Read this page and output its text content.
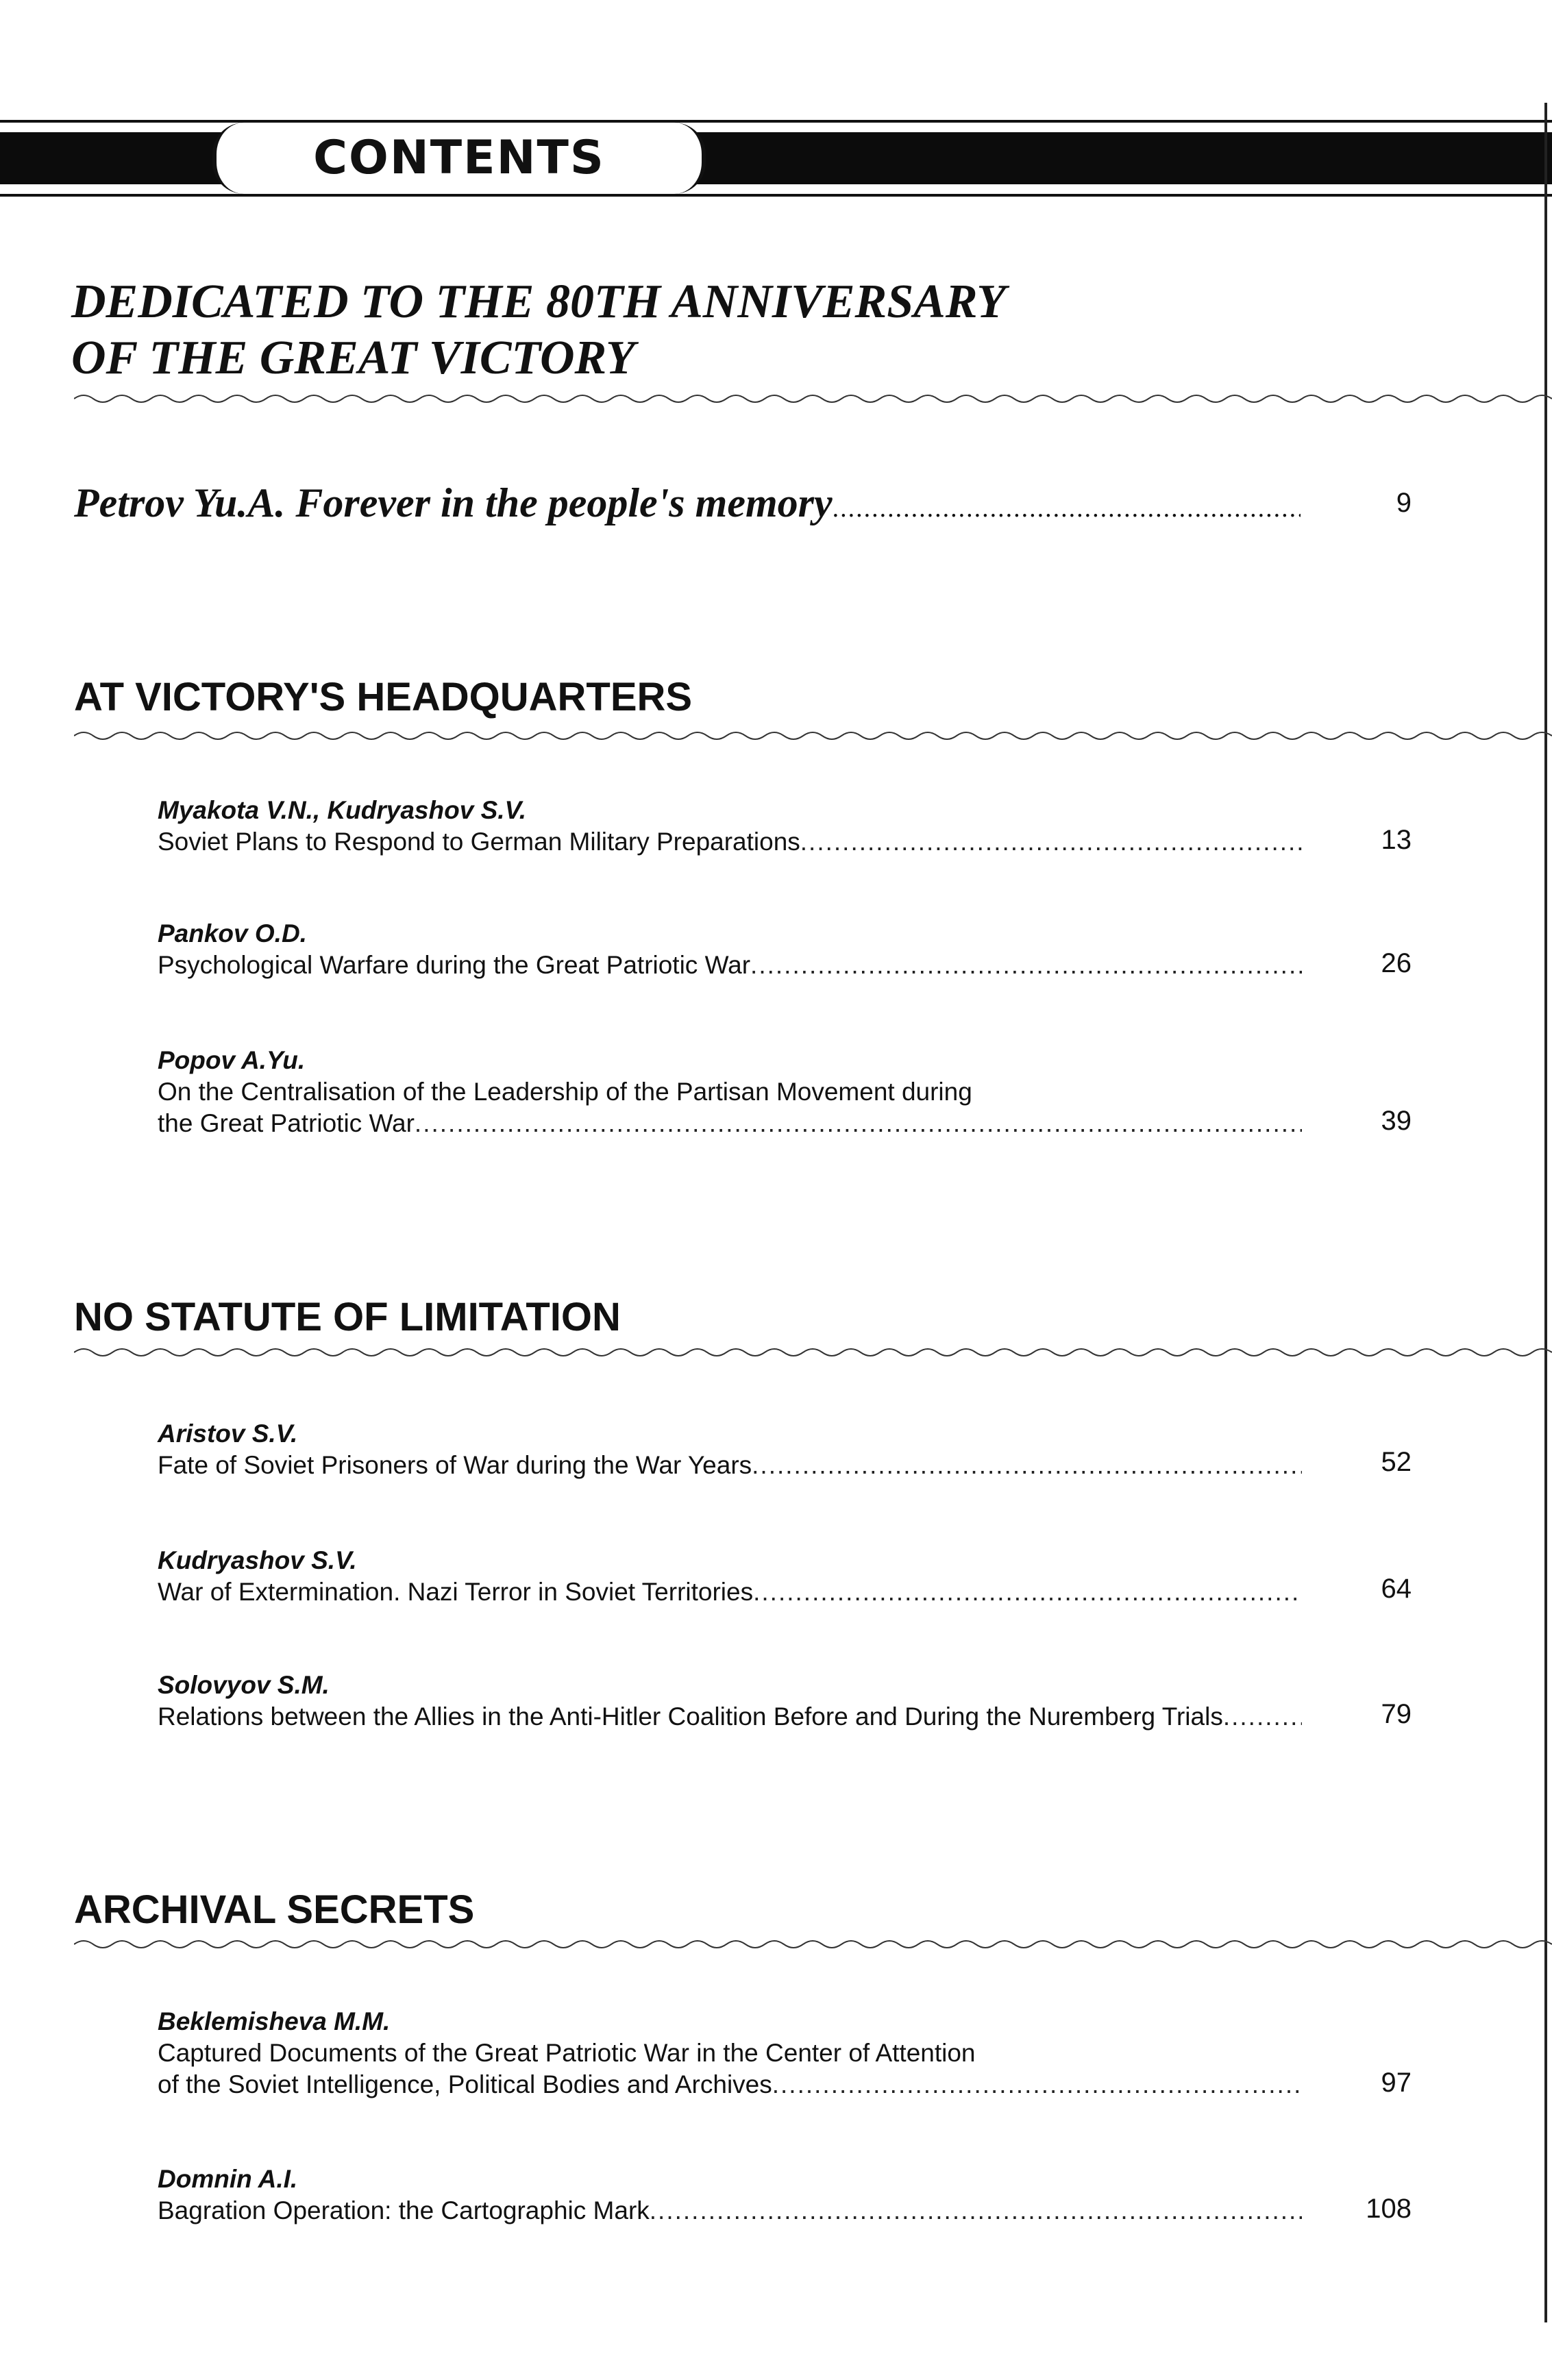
CONTENTS
DEDICATED TO THE 80TH ANNIVERSARY
OF THE GREAT VICTORY
Petrov Yu.A. Forever in the people's memory .....	9
AT VICTORY'S HEADQUARTERS
Myakota V.N., Kudryashov S.V.
Soviet Plans to Respond to German Military Preparations .....	13
Pankov O.D.
Psychological Warfare during the Great Patriotic War .....	26
Popov A.Yu.
On the Centralisation of the Leadership of the Partisan Movement during
the Great Patriotic War .....	39
NO STATUTE OF LIMITATION
Aristov S.V.
Fate of Soviet Prisoners of War during the War Years .....	52
Kudryashov S.V.
War of Extermination. Nazi Terror in Soviet Territories .....	64
Solovyov S.M.
Relations between the Allies in the Anti-Hitler Coalition Before and During the Nuremberg Trials .....	79
ARCHIVAL SECRETS
Beklemisheva M.M.
Captured Documents of the Great Patriotic War in the Center of Attention
of the Soviet Intelligence, Political Bodies and Archives .....	97
Domnin A.I.
Bagration Operation: the Cartographic Mark .....	108
